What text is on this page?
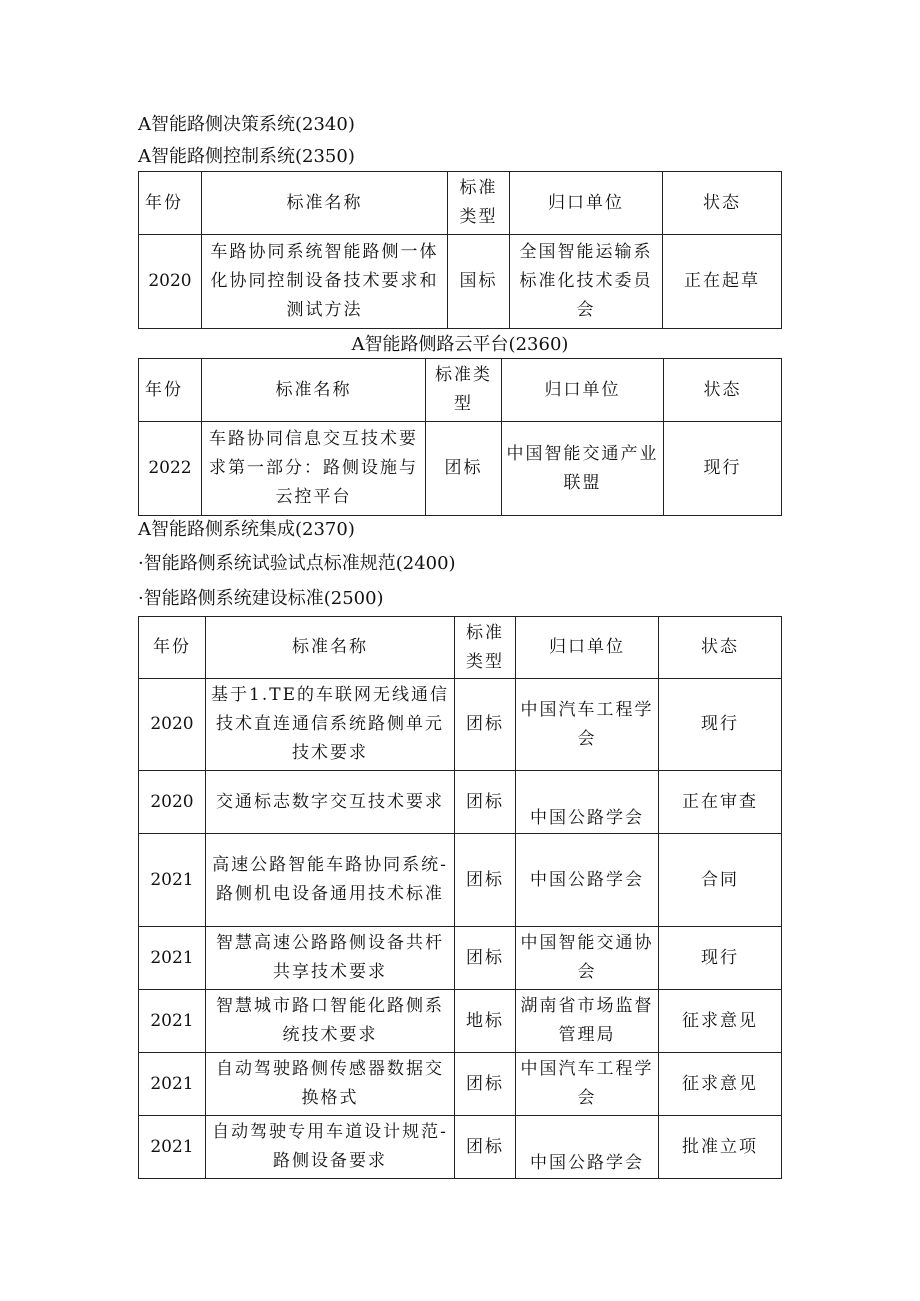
A智能路侧决策系统(2340)
A智能路侧控制系统(2350)
年份	标准名称	标准类型	归口单位	状态
2020	车路协同系统智能路侧一体化协同控制设备技术要求和测试方法	国标	全国智能运输系标准化技术委员会	正在起草
A智能路侧路云平台(2360)
年份	标准名称	标准类型	归口单位	状态
2022	车路协同信息交互技术要求第一部分：路侧设施与云控平台	团标	中国智能交通产业联盟	现行
A智能路侧系统集成(2370)
·智能路侧系统试验试点标准规范(2400)
·智能路侧系统建设标准(2500)
年份	标准名称	标准类型	归口单位	状态
2020	基于1.TE的车联网无线通信技术直连通信系统路侧单元技术要求	团标	中国汽车工程学会	现行
2020	交通标志数字交互技术要求	团标	中国公路学会	正在审查
2021	高速公路智能车路协同系统-路侧机电设备通用技术标准	团标	中国公路学会	合同
2021	智慧高速公路路侧设备共杆共享技术要求	团标	中国智能交通协会	现行
2021	智慧城市路口智能化路侧系统技术要求	地标	湖南省市场监督管理局	征求意见
2021	自动驾驶路侧传感器数据交换格式	团标	中国汽车工程学会	征求意见
2021	自动驾驶专用车道设计规范-路侧设备要求	团标	中国公路学会	批准立项
